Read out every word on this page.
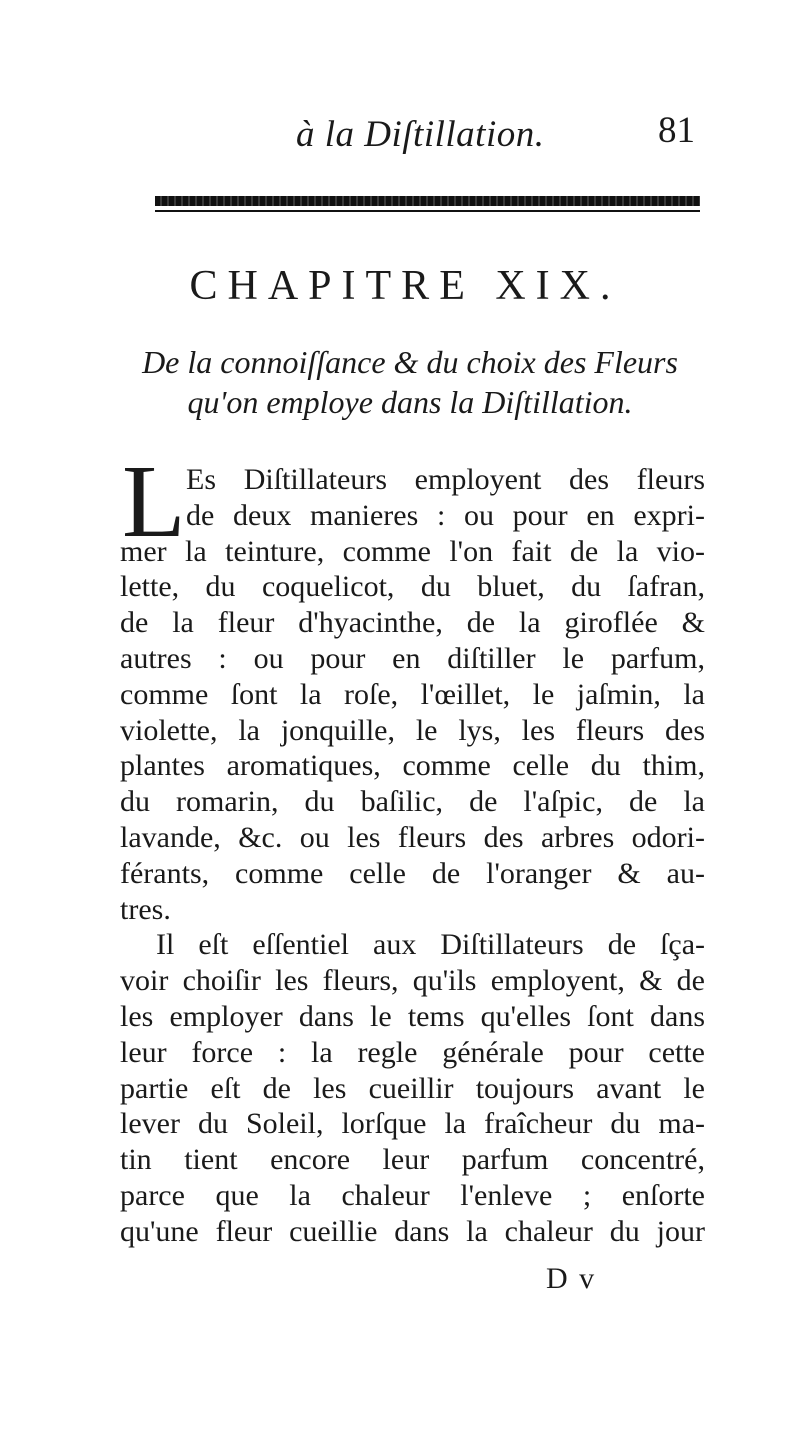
à la Diſtillation.	81
CHAPITRE XIX.
De la connoiſſance & du choix des Fleurs
qu'on employe dans la Diſtillation.
L Es Diſtillateurs employent des fleurs
de deux manieres : ou pour en expri-
mer la teinture, comme l'on fait de la vio-
lette, du coquelicot, du bluet, du ſafran,
de la fleur d'hyacinthe, de la giroflée &
autres : ou pour en diſtiller le parfum,
comme ſont la roſe, l'œillet, le jaſmin, la
violette, la jonquille, le lys, les fleurs des
plantes aromatiques, comme celle du thim,
du romarin, du baſilic, de l'aſpic, de la
lavande, &c. ou les fleurs des arbres odori-
férants, comme celle de l'oranger & au-
tres.
Il eſt eſſentiel aux Diſtillateurs de ſça-
voir choiſir les fleurs, qu'ils employent, & de
les employer dans le tems qu'elles ſont dans
leur force : la regle générale pour cette
partie eſt de les cueillir toujours avant le
lever du Soleil, lorſque la fraîcheur du ma-
tin tient encore leur parfum concentré,
parce que la chaleur l'enleve ; enſorte
qu'une fleur cueillie dans la chaleur du jour
D v
